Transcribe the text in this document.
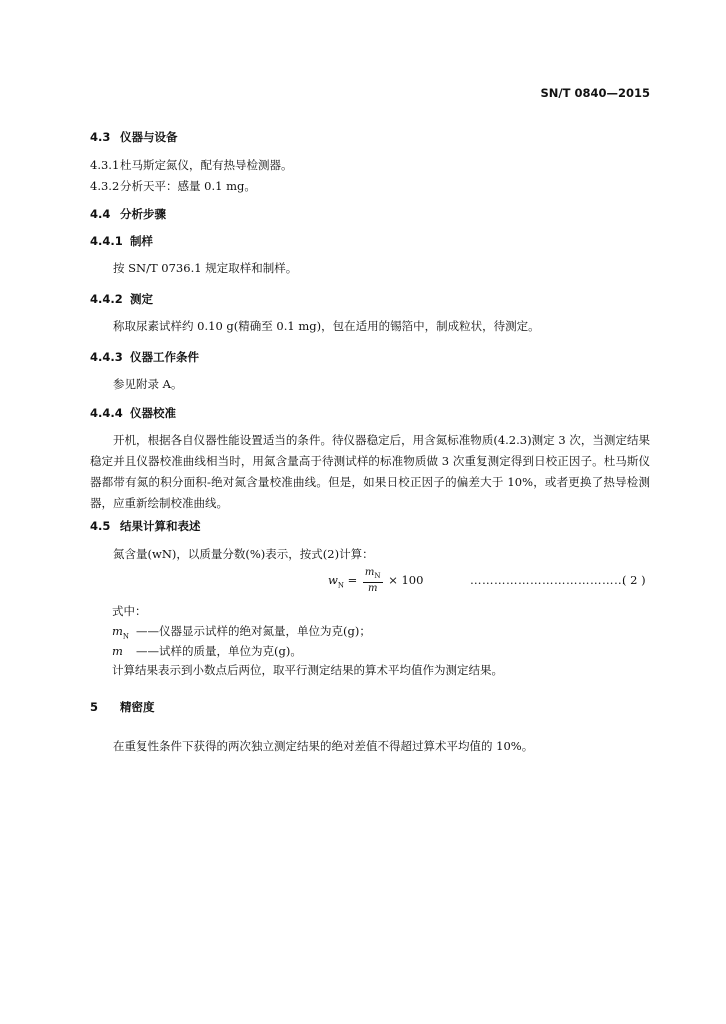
SN/T 0840—2015
4.3 仪器与设备
4.3.1杜马斯定氮仪，配有热导检测器。
4.3.2分析天平：感量 0.1 mg。
4.4 分析步骤
4.4.1 制样
按 SN/T 0736.1 规定取样和制样。
4.4.2 测定
称取尿素试样约 0.10 g(精确至 0.1 mg)，包在适用的锡箔中，制成粒状，待测定。
4.4.3 仪器工作条件
参见附录 A。
4.4.4 仪器校准
开机，根据各自仪器性能设置适当的条件。待仪器稳定后，用含氮标准物质(4.2.3)测定 3 次，当测定结果稳定并且仪器校准曲线相当时，用氮含量高于待测试样的标准物质做 3 次重复测定得到日校正因子。杜马斯仪器都带有氮的积分面积-绝对氮含量校准曲线。但是，如果日校正因子的偏差大于 10%，或者更换了热导检测器，应重新绘制校准曲线。
4.5 结果计算和表述
氮含量(wN)，以质量分数(%)表示，按式(2)计算：
$w_N = \frac{m_N}{m} \times 100$	…………………………………
( 2 )
式中：
$m_N$ ——仪器显示试样的绝对氮量，单位为克(g)；
m ——试样的质量，单位为克(g)。
计算结果表示到小数点后两位，取平行测定结果的算术平均值作为测定结果。
5 精密度
在重复性条件下获得的两次独立测定结果的绝对差值不得超过算术平均值的 10%。
